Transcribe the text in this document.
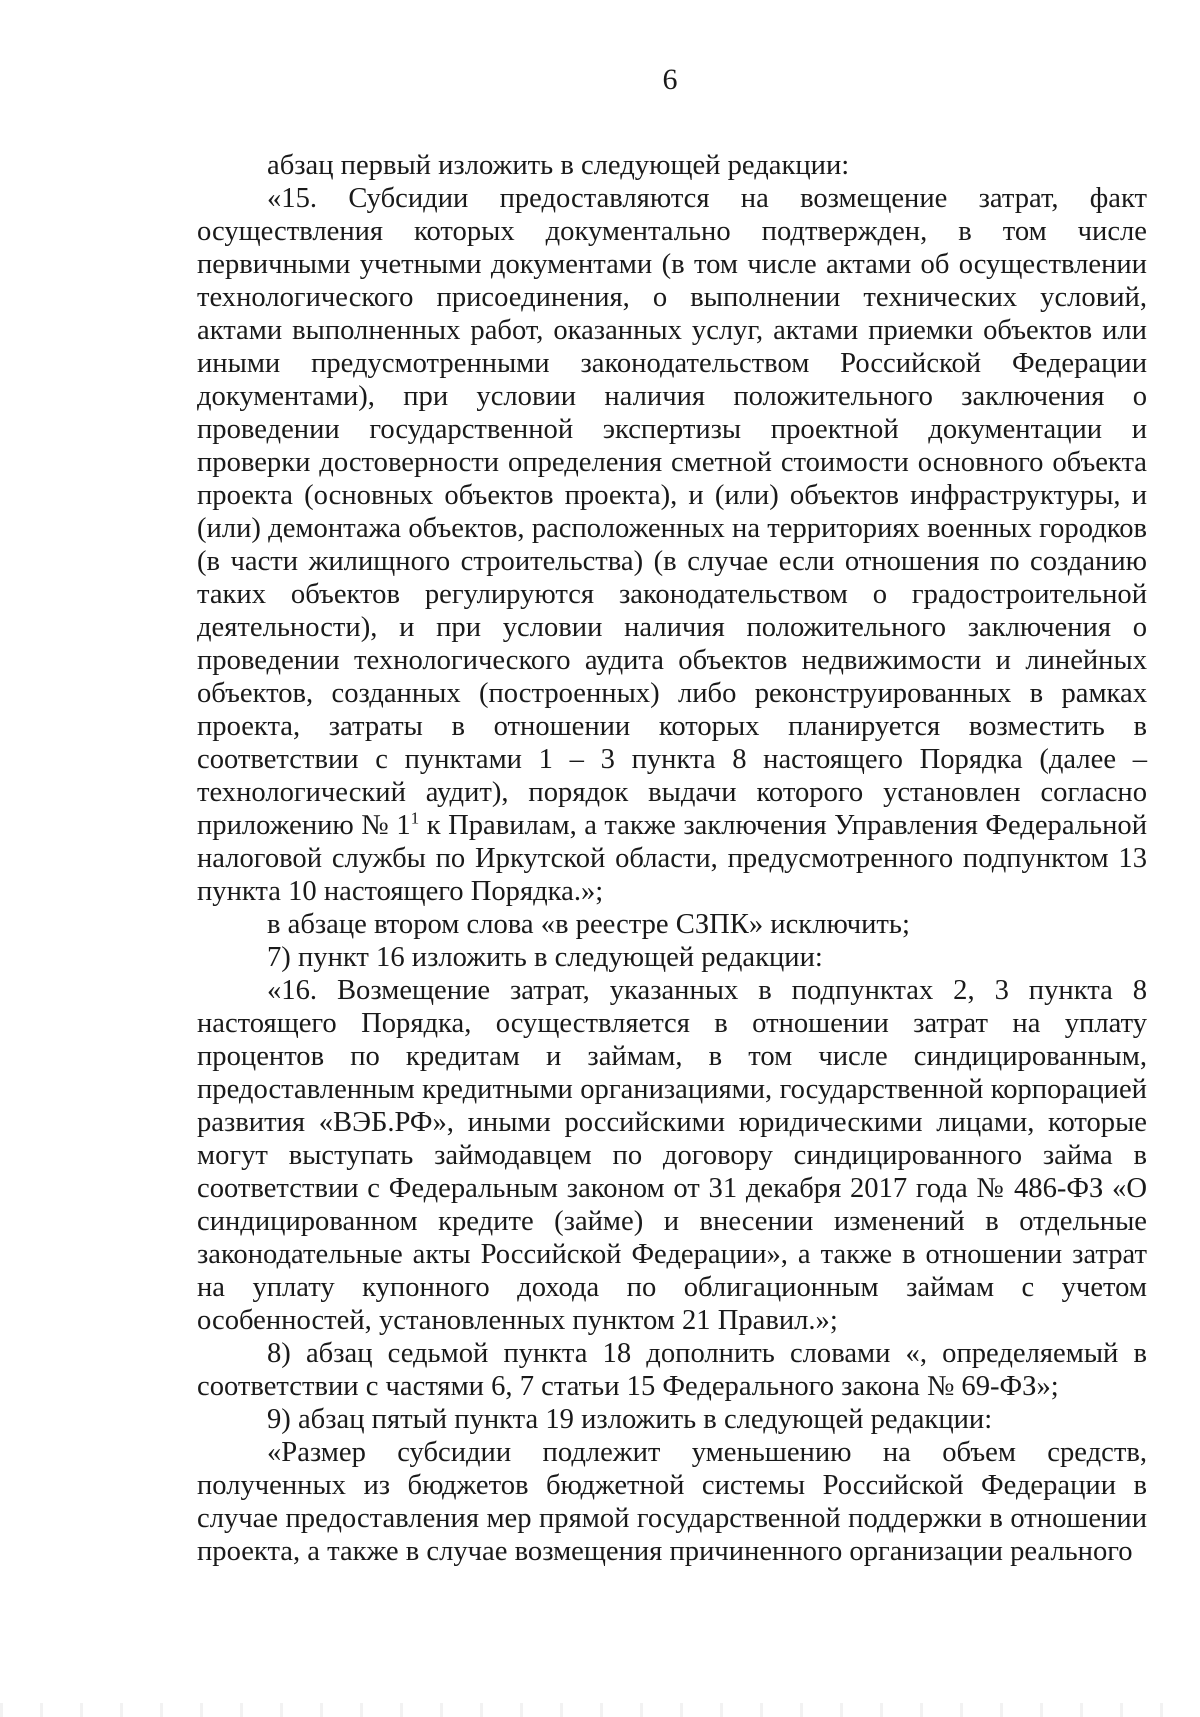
6

абзац первый изложить в следующей редакции:

«15. Субсидии предоставляются на возмещение затрат, факт осуществления которых документально подтвержден, в том числе первичными учетными документами (в том числе актами об осуществлении технологического присоединения, о выполнении технических условий, актами выполненных работ, оказанных услуг, актами приемки объектов или иными предусмотренными законодательством Российской Федерации документами), при условии наличия положительного заключения о проведении государственной экспертизы проектной документации и проверки достоверности определения сметной стоимости основного объекта проекта (основных объектов проекта), и (или) объектов инфраструктуры, и (или) демонтажа объектов, расположенных на территориях военных городков (в части жилищного строительства) (в случае если отношения по созданию таких объектов регулируются законодательством о градостроительной деятельности), и при условии наличия положительного заключения о проведении технологического аудита объектов недвижимости и линейных объектов, созданных (построенных) либо реконструированных в рамках проекта, затраты в отношении которых планируется возместить в соответствии с пунктами 1 – 3 пункта 8 настоящего Порядка (далее – технологический аудит), порядок выдачи которого установлен согласно приложению № $1^1$ к Правилам, а также заключения Управления Федеральной налоговой службы по Иркутской области, предусмотренного подпунктом 13 пункта 10 настоящего Порядка.»;

в абзаце втором слова «в реестре СЗПК» исключить;

7) пункт 16 изложить в следующей редакции:

«16. Возмещение затрат, указанных в подпунктах 2, 3 пункта 8 настоящего Порядка, осуществляется в отношении затрат на уплату процентов по кредитам и займам, в том числе синдицированным, предоставленным кредитными организациями, государственной корпорацией развития «ВЭБ.РФ», иными российскими юридическими лицами, которые могут выступать займодавцем по договору синдицированного займа в соответствии с Федеральным законом от 31 декабря 2017 года № 486-ФЗ «О синдицированном кредите (займе) и внесении изменений в отдельные законодательные акты Российской Федерации», а также в отношении затрат на уплату купонного дохода по облигационным займам с учетом особенностей, установленных пунктом 21 Правил.»;

8) абзац седьмой пункта 18 дополнить словами «, определяемый в соответствии с частями 6, 7 статьи 15 Федерального закона № 69-ФЗ»;

9) абзац пятый пункта 19 изложить в следующей редакции:

«Размер субсидии подлежит уменьшению на объем средств, полученных из бюджетов бюджетной системы Российской Федерации в случае предоставления мер прямой государственной поддержки в отношении проекта, а также в случае возмещения причиненного организации реального
